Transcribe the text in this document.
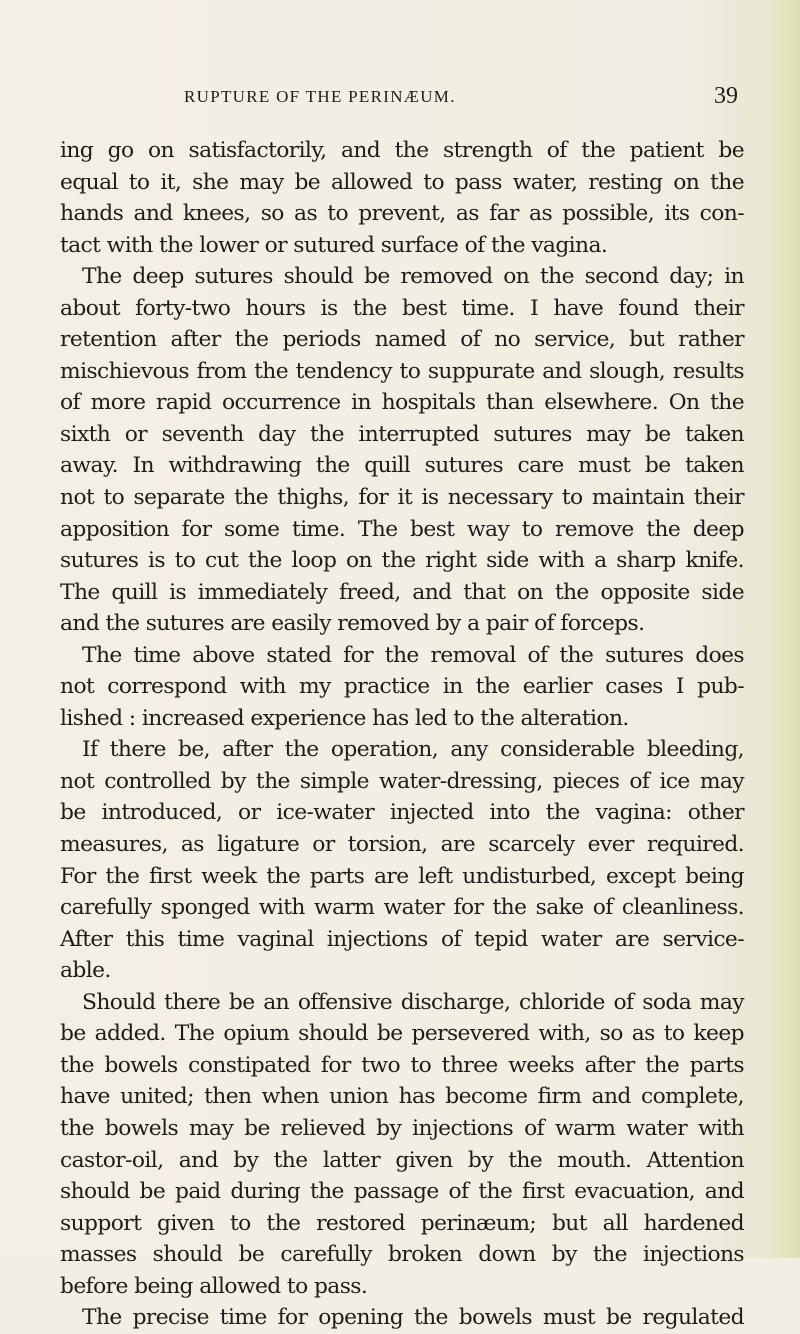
RUPTURE OF THE PERINÆUM.	39
ing go on satisfactorily, and the strength of the patient be
equal to it, she may be allowed to pass water, resting on the
hands and knees, so as to prevent, as far as possible, its con-
tact with the lower or sutured surface of the vagina.
The deep sutures should be removed on the second day; in
about forty-two hours is the best time. I have found their
retention after the periods named of no service, but rather
mischievous from the tendency to suppurate and slough, results
of more rapid occurrence in hospitals than elsewhere. On the
sixth or seventh day the interrupted sutures may be taken
away. In withdrawing the quill sutures care must be taken
not to separate the thighs, for it is necessary to maintain their
apposition for some time. The best way to remove the deep
sutures is to cut the loop on the right side with a sharp knife.
The quill is immediately freed, and that on the opposite side
and the sutures are easily removed by a pair of forceps.
The time above stated for the removal of the sutures does
not correspond with my practice in the earlier cases I pub-
lished : increased experience has led to the alteration.
If there be, after the operation, any considerable bleeding,
not controlled by the simple water-dressing, pieces of ice may
be introduced, or ice-water injected into the vagina: other
measures, as ligature or torsion, are scarcely ever required.
For the first week the parts are left undisturbed, except being
carefully sponged with warm water for the sake of cleanliness.
After this time vaginal injections of tepid water are service-
able.
Should there be an offensive discharge, chloride of soda may
be added. The opium should be persevered with, so as to keep
the bowels constipated for two to three weeks after the parts
have united; then when union has become firm and complete,
the bowels may be relieved by injections of warm water with
castor-oil, and by the latter given by the mouth. Attention
should be paid during the passage of the first evacuation, and
support given to the restored perinæum; but all hardened
masses should be carefully broken down by the injections
before being allowed to pass.
The precise time for opening the bowels must be regulated
